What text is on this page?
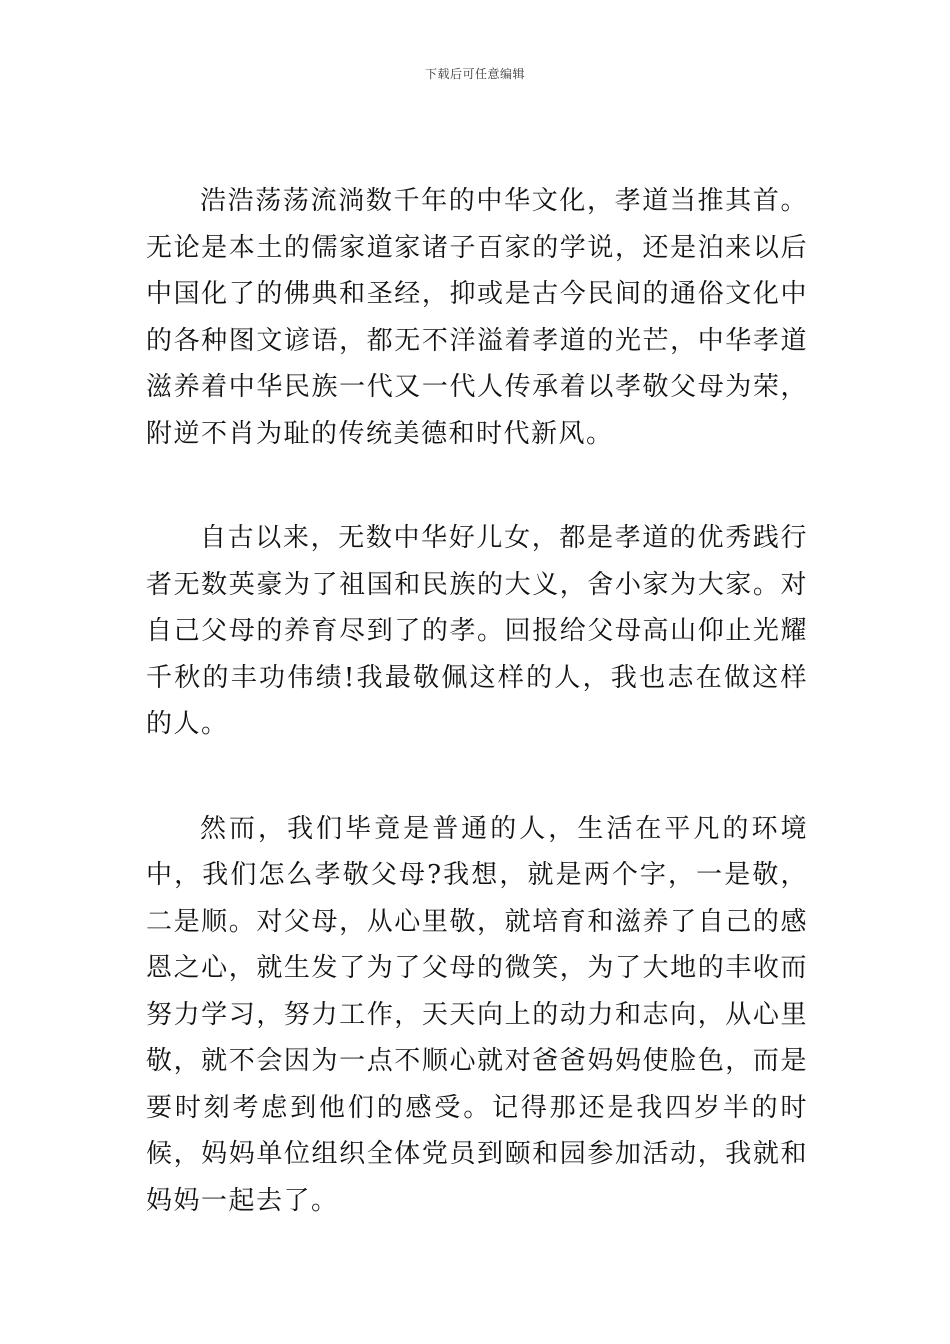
下载后可任意编辑

浩浩荡荡流淌数千年的中华文化，孝道当推其首。无论是本土的儒家道家诸子百家的学说，还是泊来以后中国化了的佛典和圣经，抑或是古今民间的通俗文化中的各种图文谚语，都无不洋溢着孝道的光芒，中华孝道滋养着中华民族一代又一代人传承着以孝敬父母为荣，附逆不肖为耻的传统美德和时代新风。

自古以来，无数中华好儿女，都是孝道的优秀践行者无数英豪为了祖国和民族的大义，舍小家为大家。对自己父母的养育尽到了的孝。回报给父母高山仰止光耀千秋的丰功伟绩!我最敬佩这样的人，我也志在做这样的人。

然而，我们毕竟是普通的人，生活在平凡的环境中，我们怎么孝敬父母?我想，就是两个字，一是敬，二是顺。对父母，从心里敬，就培育和滋养了自己的感恩之心，就生发了为了父母的微笑，为了大地的丰收而努力学习，努力工作，天天向上的动力和志向，从心里敬，就不会因为一点不顺心就对爸爸妈妈使脸色，而是要时刻考虑到他们的感受。记得那还是我四岁半的时候，妈妈单位组织全体党员到颐和园参加活动，我就和妈妈一起去了。
